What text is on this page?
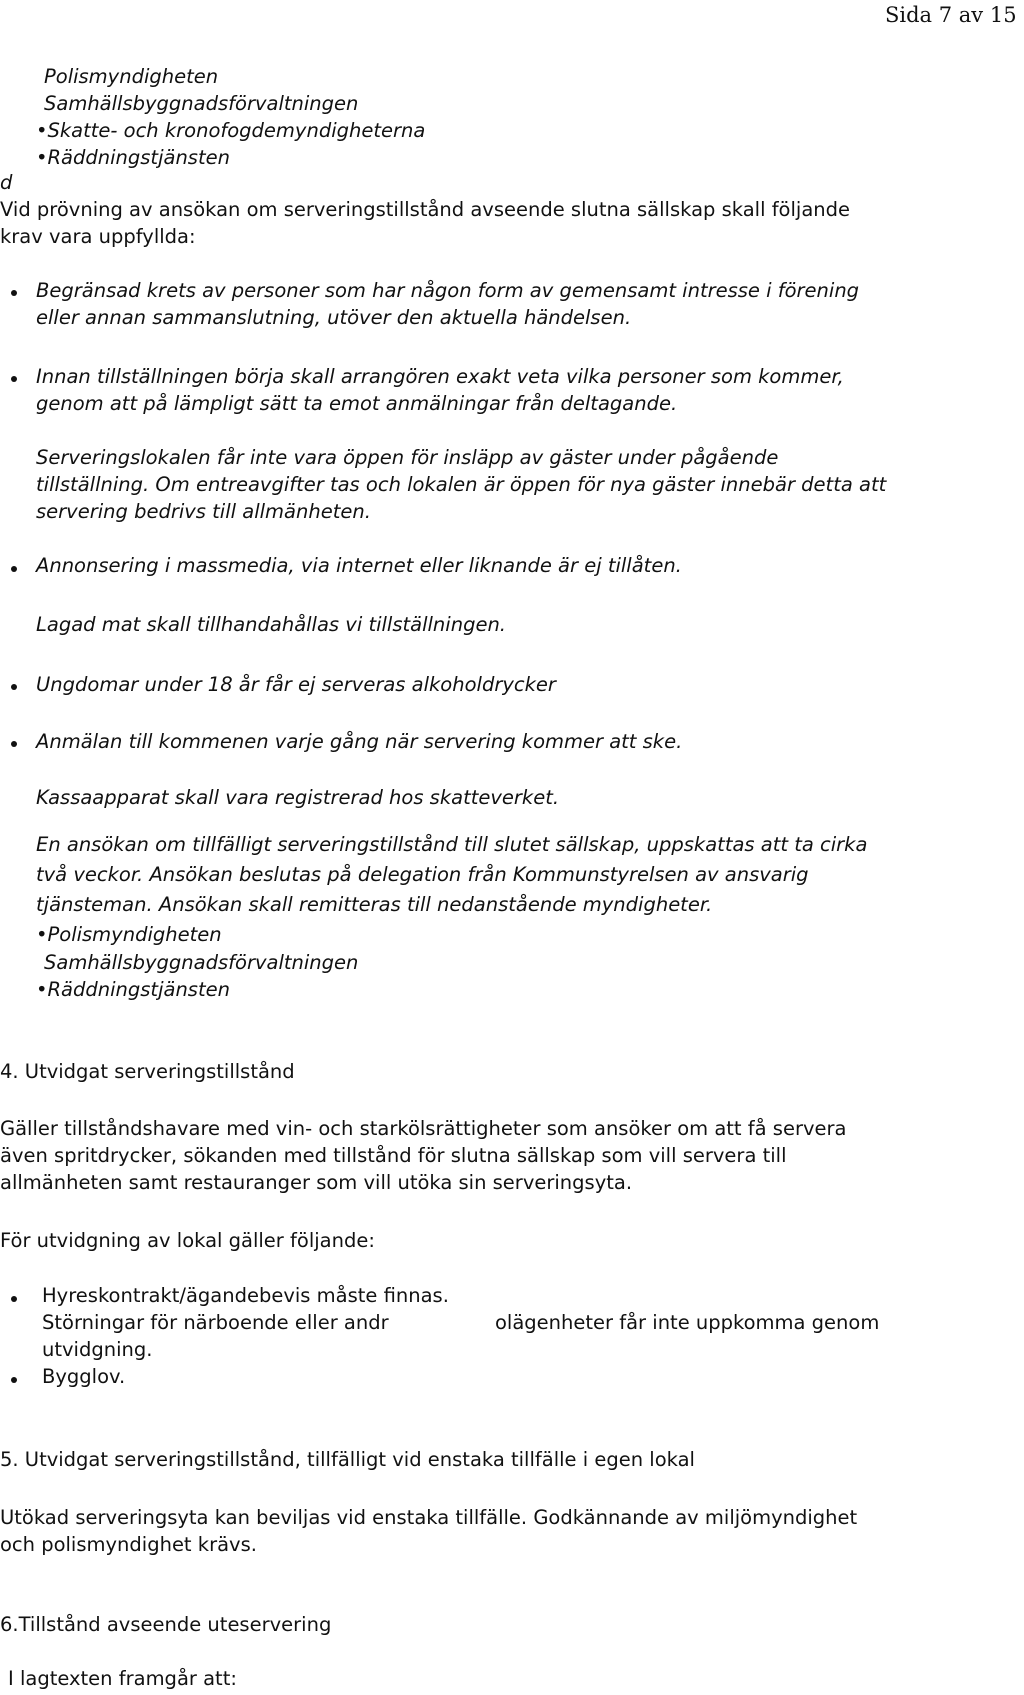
Sida 7 av 15
Polismyndigheten
Samhällsbyggnadsförvaltningen
•Skatte- och kronofogdemyndigheterna
•Räddningstjänsten
d
Vid prövning av ansökan om serveringstillstånd avseende slutna sällskap skall följande
krav vara uppfyllda:
Begränsad krets av personer som har någon form av gemensamt intresse i förening
eller annan sammanslutning, utöver den aktuella händelsen.
Innan tillställningen börja skall arrangören exakt veta vilka personer som kommer,
genom att på lämpligt sätt ta emot anmälningar från deltagande.
Serveringslokalen får inte vara öppen för insläpp av gäster under pågående
tillställning. Om entreavgifter tas och lokalen är öppen för nya gäster innebär detta att
servering bedrivs till allmänheten.
Annonsering i massmedia, via internet eller liknande är ej tillåten.
Lagad mat skall tillhandahållas vi tillställningen.
Ungdomar under 18 år får ej serveras alkoholdrycker
Anmälan till kommenen varje gång när servering kommer att ske.
Kassaapparat skall vara registrerad hos skatteverket.
En ansökan om tillfälligt serveringstillstånd till slutet sällskap, uppskattas att ta cirka
två veckor. Ansökan beslutas på delegation från Kommunstyrelsen av ansvarig
tjänsteman. Ansökan skall remitteras till nedanstående myndigheter.
•Polismyndigheten
Samhällsbyggnadsförvaltningen
•Räddningstjänsten
4. Utvidgat serveringstillstånd
Gäller tillståndshavare med vin- och starkölsrättigheter som ansöker om att få servera
även spritdrycker, sökanden med tillstånd för slutna sällskap som vill servera till
allmänheten samt restauranger som vill utöka sin serveringsyta.
För utvidgning av lokal gäller följande:
Hyreskontrakt/ägandebevis måste finnas.
Störningar för närboende eller andr	olägenheter får inte uppkomma genom
utvidgning.
Bygglov.
5. Utvidgat serveringstillstånd, tillfälligt vid enstaka tillfälle i egen lokal
Utökad serveringsyta kan beviljas vid enstaka tillfälle. Godkännande av miljömyndighet
och polismyndighet krävs.
6.Tillstånd avseende uteservering
I lagtexten framgår att:
